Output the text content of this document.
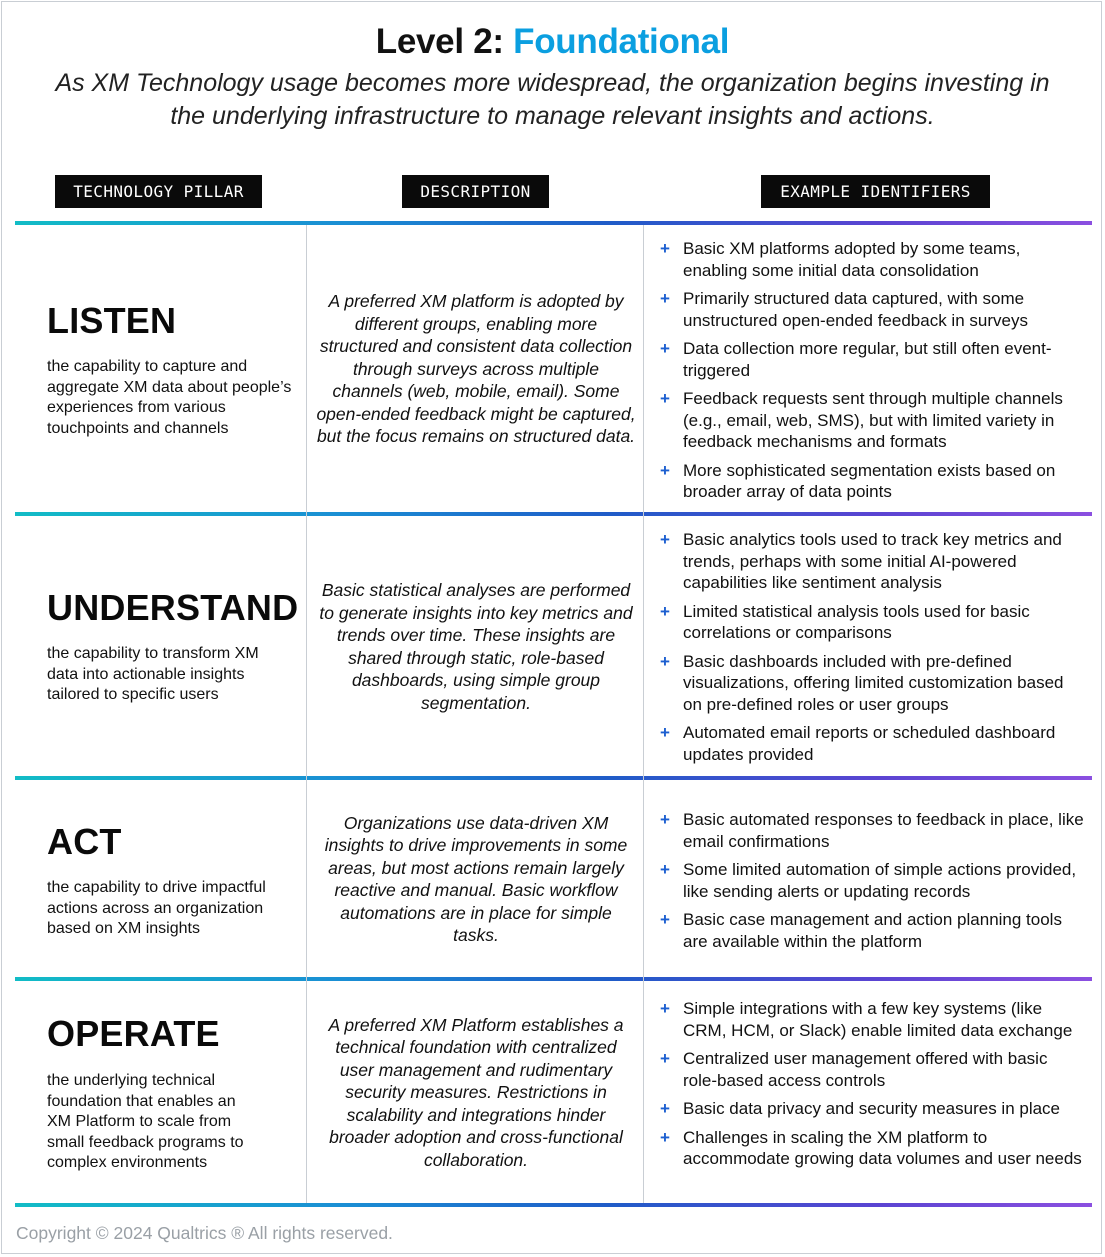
Level 2: Foundational
As XM Technology usage becomes more widespread, the organization begins investing in the underlying infrastructure to manage relevant insights and actions.
TECHNOLOGY PILLAR	DESCRIPTION	EXAMPLE IDENTIFIERS
LISTEN
the capability to capture and aggregate XM data about people’s experiences from various touchpoints and channels
A preferred XM platform is adopted by different groups, enabling more structured and consistent data collection through surveys across multiple channels (web, mobile, email). Some open-ended feedback might be captured, but the focus remains on structured data.
+ Basic XM platforms adopted by some teams, enabling some initial data consolidation
+ Primarily structured data captured, with some unstructured open-ended feedback in surveys
+ Data collection more regular, but still often event-triggered
+ Feedback requests sent through multiple channels (e.g., email, web, SMS), but with limited variety in feedback mechanisms and formats
+ More sophisticated segmentation exists based on broader array of data points
UNDERSTAND
the capability to transform XM data into actionable insights tailored to specific users
Basic statistical analyses are performed to generate insights into key metrics and trends over time. These insights are shared through static, role-based dashboards, using simple group segmentation.
+ Basic analytics tools used to track key metrics and trends, perhaps with some initial AI-powered capabilities like sentiment analysis
+ Limited statistical analysis tools used for basic correlations or comparisons
+ Basic dashboards included with pre-defined visualizations, offering limited customization based on pre-defined roles or user groups
+ Automated email reports or scheduled dashboard updates provided
ACT
the capability to drive impactful actions across an organization based on XM insights
Organizations use data-driven XM insights to drive improvements in some areas, but most actions remain largely reactive and manual. Basic workflow automations are in place for simple tasks.
+ Basic automated responses to feedback in place, like email confirmations
+ Some limited automation of simple actions provided, like sending alerts or updating records
+ Basic case management and action planning tools are available within the platform
OPERATE
the underlying technical foundation that enables an XM Platform to scale from small feedback programs to complex environments
A preferred XM Platform establishes a technical foundation with centralized user management and rudimentary security measures. Restrictions in scalability and integrations hinder broader adoption and cross-functional collaboration.
+ Simple integrations with a few key systems (like CRM, HCM, or Slack) enable limited data exchange
+ Centralized user management offered with basic role-based access controls
+ Basic data privacy and security measures in place
+ Challenges in scaling the XM platform to accommodate growing data volumes and user needs
Copyright © 2024 Qualtrics ® All rights reserved.
